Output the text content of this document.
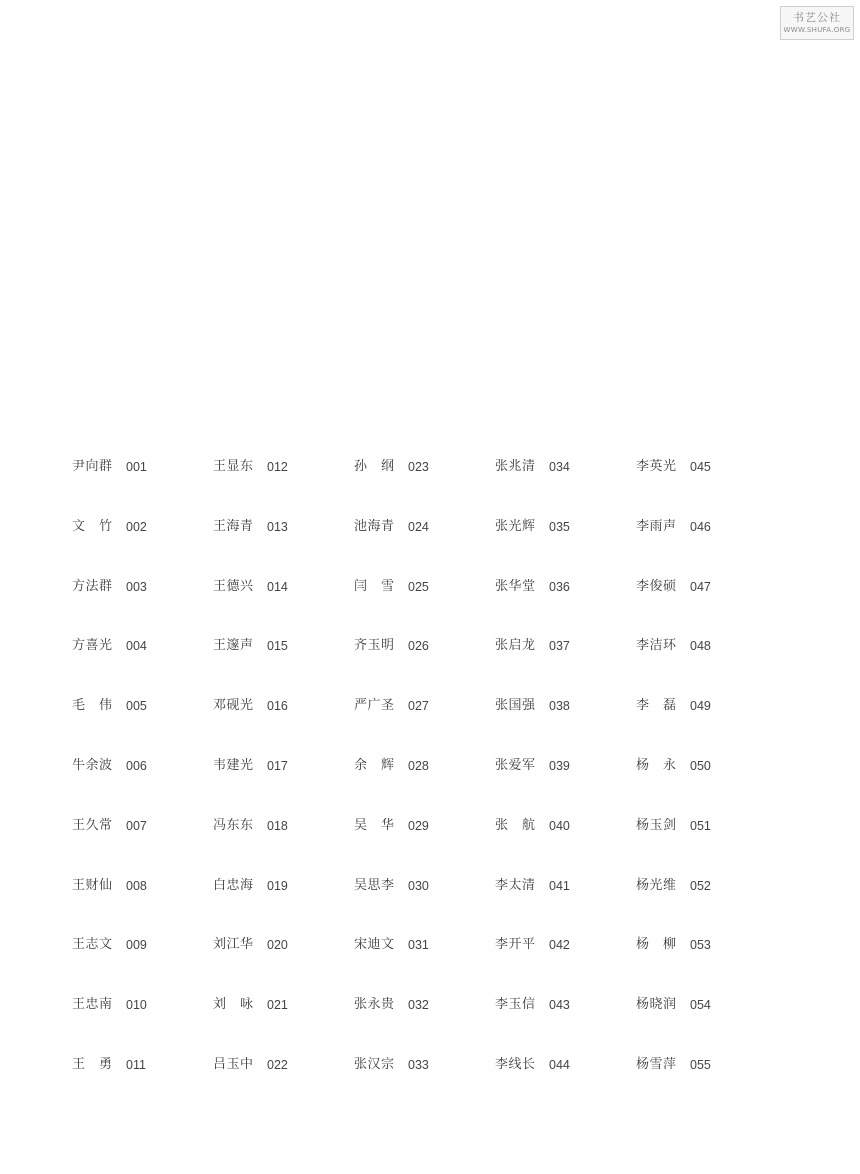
书艺公社
WWW.SHUFA.ORG
尹向群 001
文竹 002
方法群 003
方喜光 004
毛伟 005
牛余波 006
王久常 007
王财仙 008
王志文 009
王忠南 010
王勇 011
王显东 012
王海青 013
王德兴 014
王邃声 015
邓砚光 016
韦建光 017
冯东东 018
白忠海 019
刘江华 020
刘咏 021
吕玉中 022
孙纲 023
池海青 024
闫雪 025
齐玉明 026
严广圣 027
余辉 028
吴华 029
吴思李 030
宋迪文 031
张永贵 032
张汉宗 033
张兆清 034
张光辉 035
张华堂 036
张启龙 037
张国强 038
张爱军 039
张航 040
李太清 041
李开平 042
李玉信 043
李线长 044
李英光 045
李雨声 046
李俊硕 047
李洁环 048
李磊 049
杨永 050
杨玉剑 051
杨光维 052
杨柳 053
杨晓润 054
杨雪萍 055
